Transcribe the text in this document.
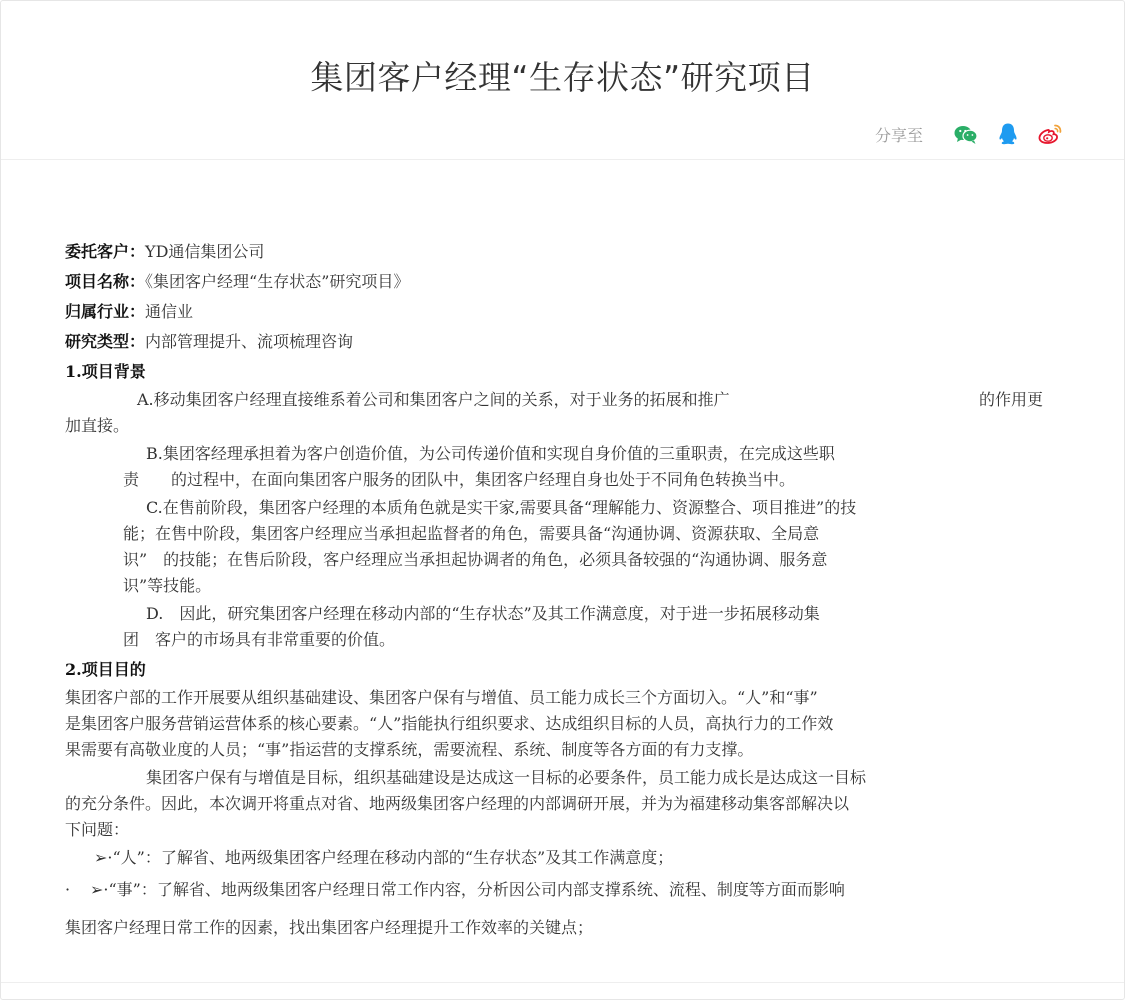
集团客户经理“生存状态”研究项目
分享至
委托客户：YD通信集团公司
项目名称：《集团客户经理“生存状态”研究项目》
归属行业：通信业
研究类型：内部管理提升、流项梳理咨询
1.项目背景
A.移动集团客户经理直接维系着公司和集团客户之间的关系，对于业务的拓展和推广	的作用更
加直接。
B.集团客经理承担着为客户创造价值，为公司传递价值和实现自身价值的三重职责，在完成这些职
责　　的过程中，在面向集团客户服务的团队中，集团客户经理自身也处于不同角色转换当中。
C.在售前阶段，集团客户经理的本质角色就是实干家,需要具备“理解能力、资源整合、项目推进”的技
能；在售中阶段，集团客户经理应当承担起监督者的角色，需要具备“沟通协调、资源获取、全局意
识”　的技能；在售后阶段，客户经理应当承担起协调者的角色，必须具备较强的“沟通协调、服务意
识”等技能。
D.　因此，研究集团客户经理在移动内部的“生存状态”及其工作满意度，对于进一步拓展移动集
团　客户的市场具有非常重要的价值。
2.项目目的
集团客户部的工作开展要从组织基础建设、集团客户保有与增值、员工能力成长三个方面切入。“人”和“事”
是集团客户服务营销运营体系的核心要素。“人”指能执行组织要求、达成组织目标的人员，高执行力的工作效
果需要有高敬业度的人员；“事”指运营的支撑系统，需要流程、系统、制度等各方面的有力支撑。
集团客户保有与增值是目标，组织基础建设是达成这一目标的必要条件，员工能力成长是达成这一目标
的充分条件。因此，本次调开将重点对省、地两级集团客户经理的内部调研开展，并为为福建移动集客部解决以
下问题：
➢·“人”：了解省、地两级集团客户经理在移动内部的“生存状态”及其工作满意度；
· ➢·“事”：了解省、地两级集团客户经理日常工作内容，分析因公司内部支撑系统、流程、制度等方面而影响
集团客户经理日常工作的因素，找出集团客户经理提升工作效率的关键点；
